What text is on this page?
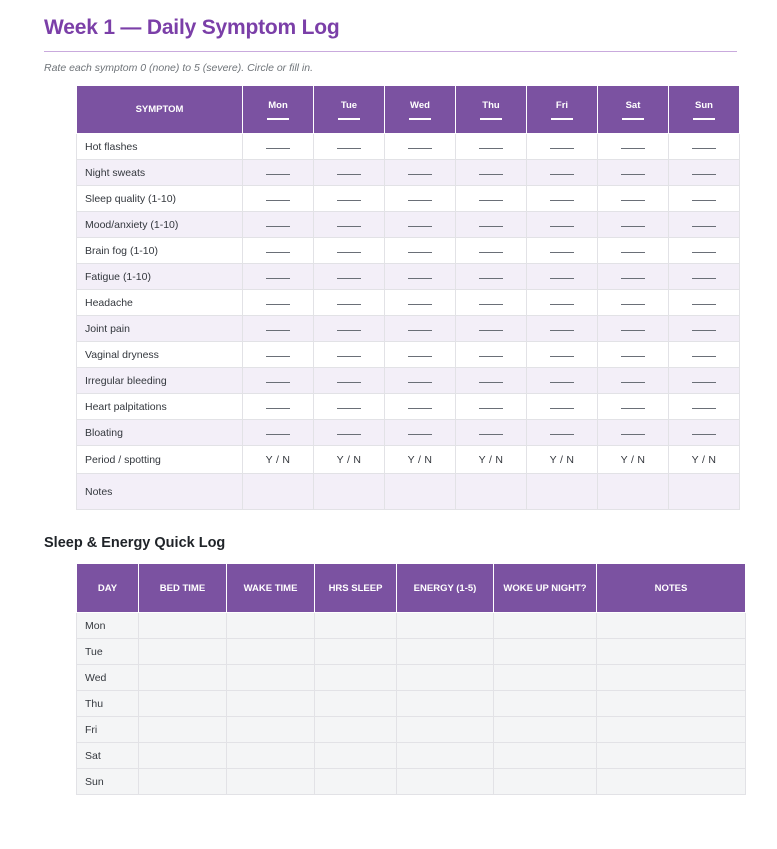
Week 1 — Daily Symptom Log

Rate each symptom 0 (none) to 5 (severe). Circle or fill in.

SYMPTOM	Mon	Tue	Wed	Thu	Fri	Sat	Sun

Hot flashes							
Night sweats							
Sleep quality (1-10)							
Mood/anxiety (1-10)							
Brain fog (1-10)							
Fatigue (1-10)							
Headache							
Joint pain							
Vaginal dryness							
Irregular bleeding							
Heart palpitations							
Bloating							
Period / spotting	Y / N	Y / N	Y / N	Y / N	Y / N	Y / N	Y / N
Notes							
Sleep & Energy Quick Log
DAY	BED TIME	WAKE TIME	HRS SLEEP	ENERGY (1-5)	WOKE UP NIGHT?	NOTES
Mon						
Tue						
Wed						
Thu						
Fri						
Sat						
Sun						
